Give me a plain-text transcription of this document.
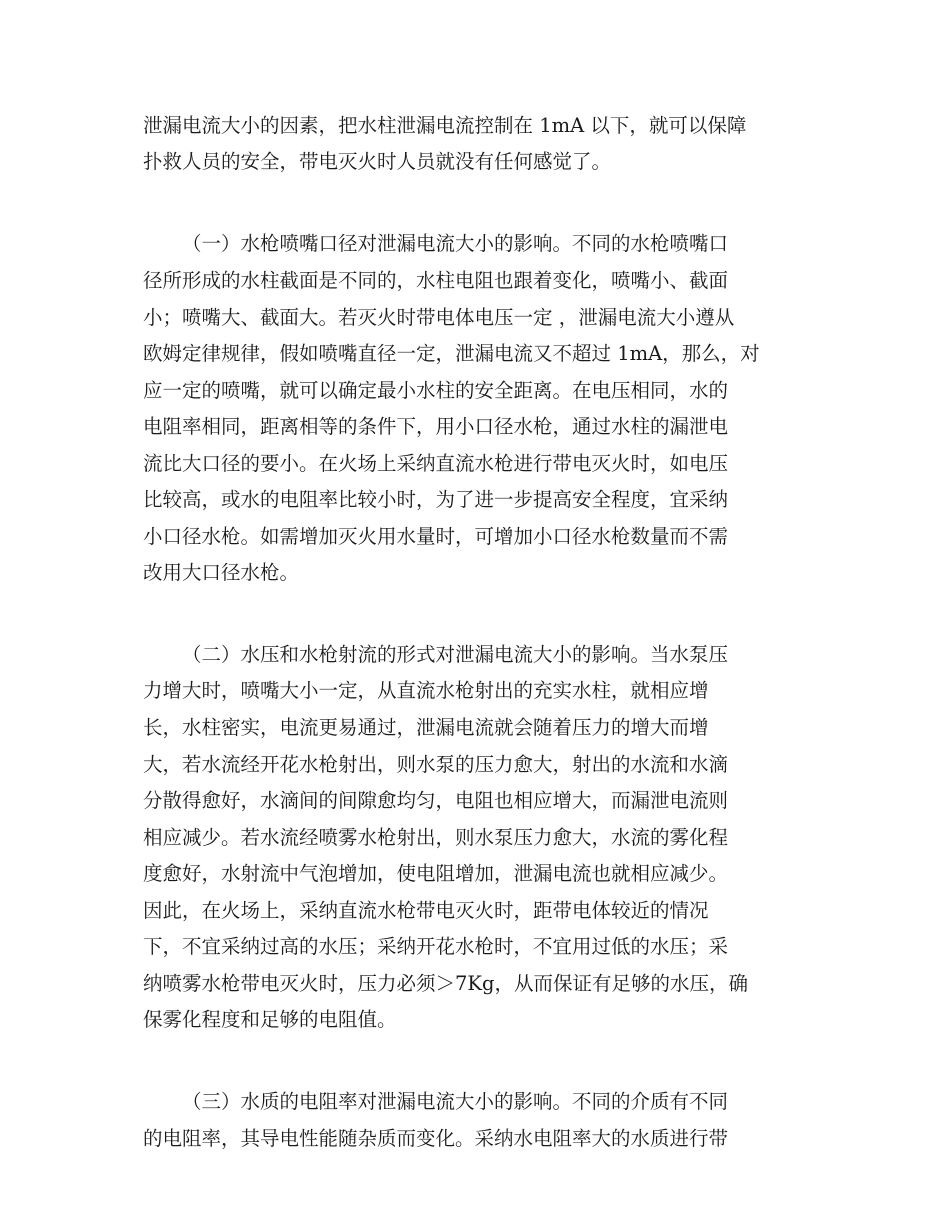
泄漏电流大小的因素，把水柱泄漏电流控制在 1mA 以下，就可以保障
扑救人员的安全，带电灭火时人员就没有任何感觉了。
（一）水枪喷嘴口径对泄漏电流大小的影响。不同的水枪喷嘴口
径所形成的水柱截面是不同的，水柱电阻也跟着变化，喷嘴小、截面
小；喷嘴大、截面大。若灭火时带电体电压一定 ，泄漏电流大小遵从
欧姆定律规律，假如喷嘴直径一定，泄漏电流又不超过 1mA，那么，对
应一定的喷嘴，就可以确定最小水柱的安全距离。在电压相同，水的
电阻率相同，距离相等的条件下，用小口径水枪，通过水柱的漏泄电
流比大口径的要小。在火场上采纳直流水枪进行带电灭火时，如电压
比较高，或水的电阻率比较小时，为了进一步提高安全程度，宜采纳
小口径水枪。如需增加灭火用水量时，可增加小口径水枪数量而不需
改用大口径水枪。
（二）水压和水枪射流的形式对泄漏电流大小的影响。当水泵压
力增大时，喷嘴大小一定，从直流水枪射出的充实水柱，就相应增
长，水柱密实，电流更易通过，泄漏电流就会随着压力的增大而增
大，若水流经开花水枪射出，则水泵的压力愈大，射出的水流和水滴
分散得愈好，水滴间的间隙愈均匀，电阻也相应增大，而漏泄电流则
相应减少。若水流经喷雾水枪射出，则水泵压力愈大，水流的雾化程
度愈好，水射流中气泡增加，使电阻增加，泄漏电流也就相应减少。
因此，在火场上，采纳直流水枪带电灭火时，距带电体较近的情况
下，不宜采纳过高的水压；采纳开花水枪时，不宜用过低的水压；采
纳喷雾水枪带电灭火时，压力必须＞7Kg，从而保证有足够的水压，确
保雾化程度和足够的电阻值。
（三）水质的电阻率对泄漏电流大小的影响。不同的介质有不同
的电阻率，其导电性能随杂质而变化。采纳水电阻率大的水质进行带
